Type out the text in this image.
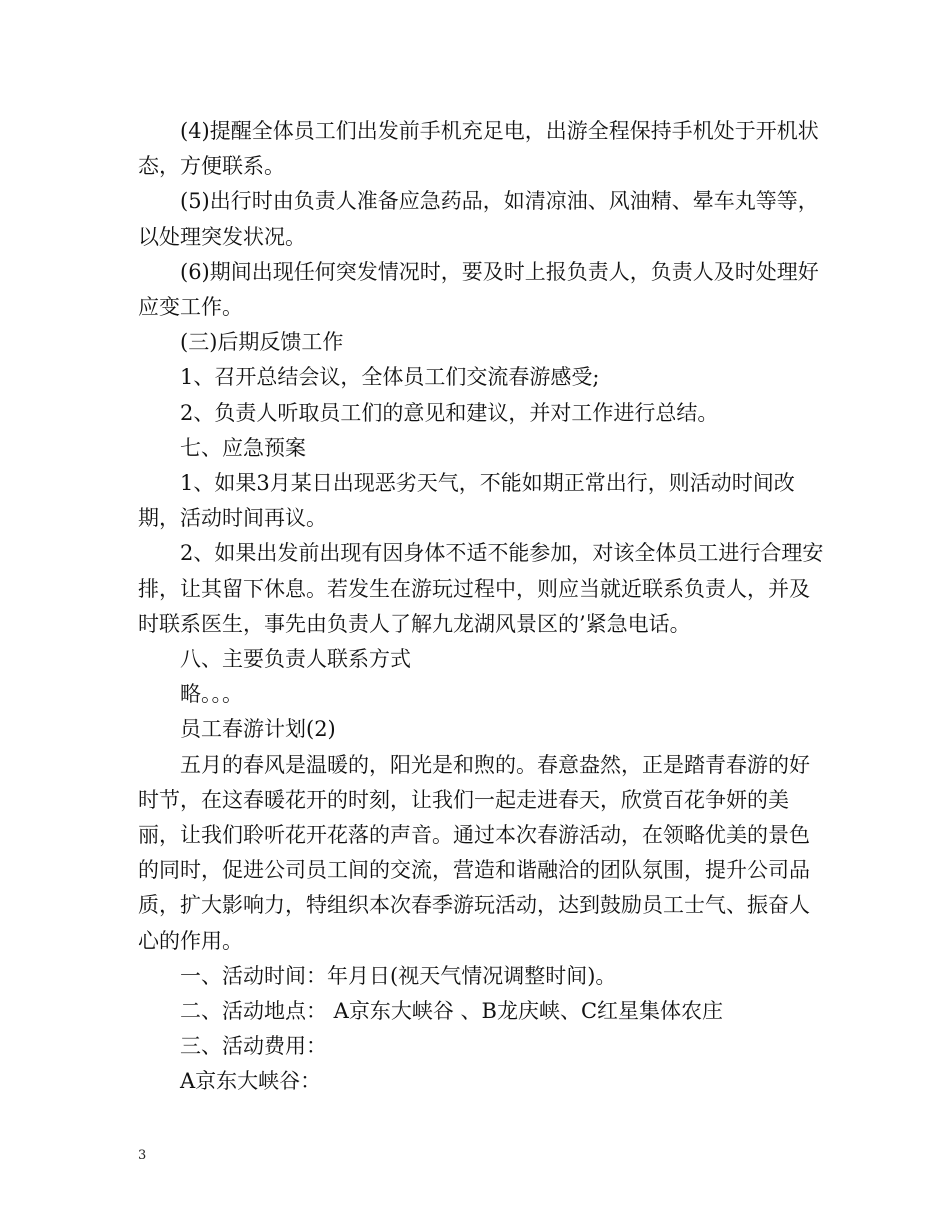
(4)提醒全体员工们出发前手机充足电，出游全程保持手机处于开机状态，方便联系。

(5)出行时由负责人准备应急药品，如清凉油、风油精、晕车丸等等，以处理突发状况。

(6)期间出现任何突发情况时，要及时上报负责人，负责人及时处理好应变工作。

(三)后期反馈工作

1、召开总结会议，全体员工们交流春游感受;

2、负责人听取员工们的意见和建议，并对工作进行总结。

七、应急预案

1、如果3月某日出现恶劣天气，不能如期正常出行，则活动时间改期，活动时间再议。

2、如果出发前出现有因身体不适不能参加，对该全体员工进行合理安排，让其留下休息。若发生在游玩过程中，则应当就近联系负责人，并及时联系医生，事先由负责人了解九龙湖风景区的’紧急电话。

八、主要负责人联系方式

略。。。

员工春游计划(2)

五月的春风是温暖的，阳光是和煦的。春意盎然，正是踏青春游的好时节，在这春暖花开的时刻，让我们一起走进春天，欣赏百花争妍的美丽，让我们聆听花开花落的声音。通过本次春游活动，在领略优美的景色的同时，促进公司员工间的交流，营造和谐融洽的团队氛围，提升公司品质，扩大影响力，特组织本次春季游玩活动，达到鼓励员工士气、振奋人心的作用。

一、活动时间：年月日(视天气情况调整时间)。

二、活动地点： A京东大峡谷 、B龙庆峡、C红星集体农庄

三、活动费用：

A京东大峡谷：

3
